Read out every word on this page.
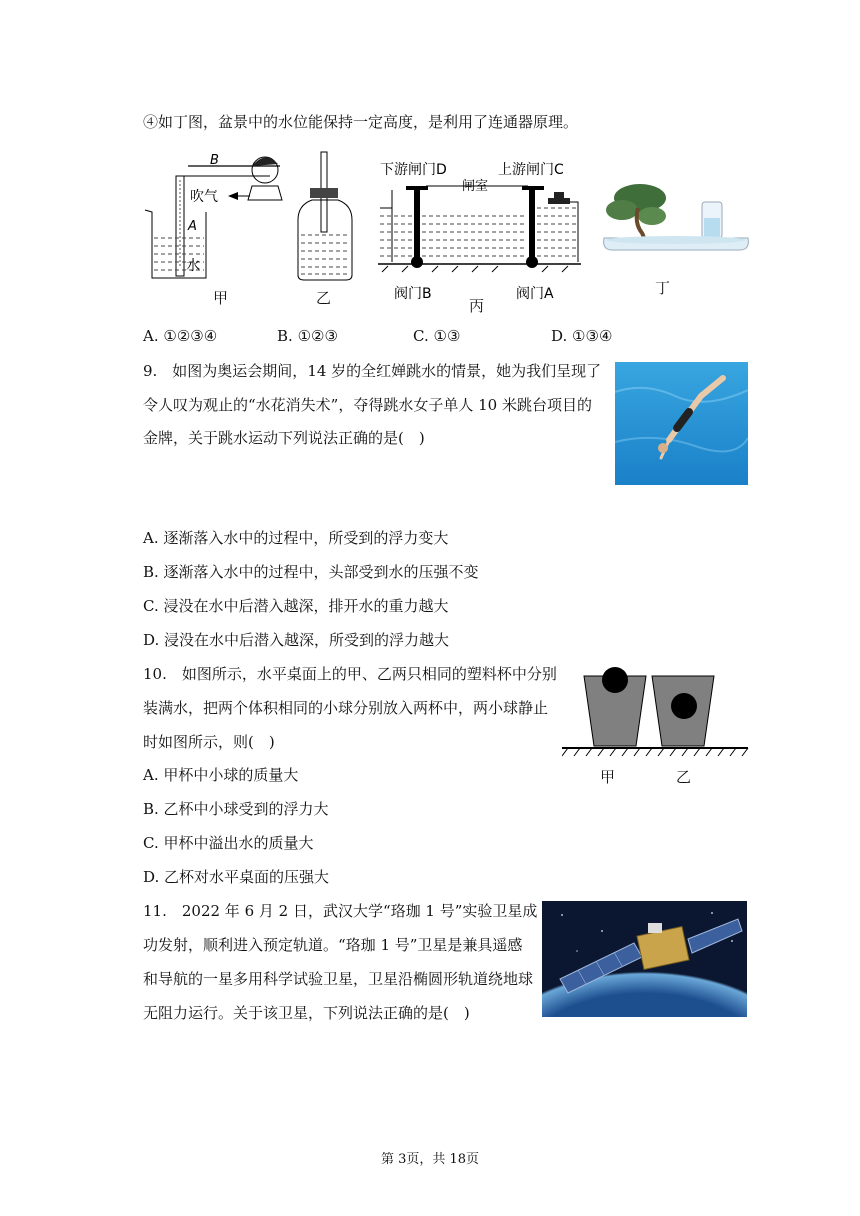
④如丁图，盆景中的水位能保持一定高度，是利用了连通器原理。
B
吹气
A
水
甲	乙
下游闸门D	上游闸门C
闸室
阀门B	阀门A
丙
丁
A. ①②③④	B. ①②③	C. ①③	D. ①③④
9.　如图为奥运会期间，14 岁的全红婵跳水的情景，她为我们呈现了
令人叹为观止的“水花消失术”，夺得跳水女子单人 10 米跳台项目的
金牌，关于跳水运动下列说法正确的是(　)
A. 逐渐落入水中的过程中，所受到的浮力变大
B. 逐渐落入水中的过程中，头部受到水的压强不变
C. 浸没在水中后潜入越深，排开水的重力越大
D. 浸没在水中后潜入越深，所受到的浮力越大
10.　如图所示，水平桌面上的甲、乙两只相同的塑料杯中分别
装满水，把两个体积相同的小球分别放入两杯中，两小球静止
时如图所示，则(　)
甲	乙
A. 甲杯中小球的质量大
B. 乙杯中小球受到的浮力大
C. 甲杯中溢出水的质量大
D. 乙杯对水平桌面的压强大
11.　2022 年 6 月 2 日，武汉大学“珞珈 1 号”实验卫星成
功发射，顺利进入预定轨道。“珞珈 1 号”卫星是兼具遥感
和导航的一星多用科学试验卫星，卫星沿椭圆形轨道绕地球
无阻力运行。关于该卫星，下列说法正确的是(　)
第 3页，共 18页
